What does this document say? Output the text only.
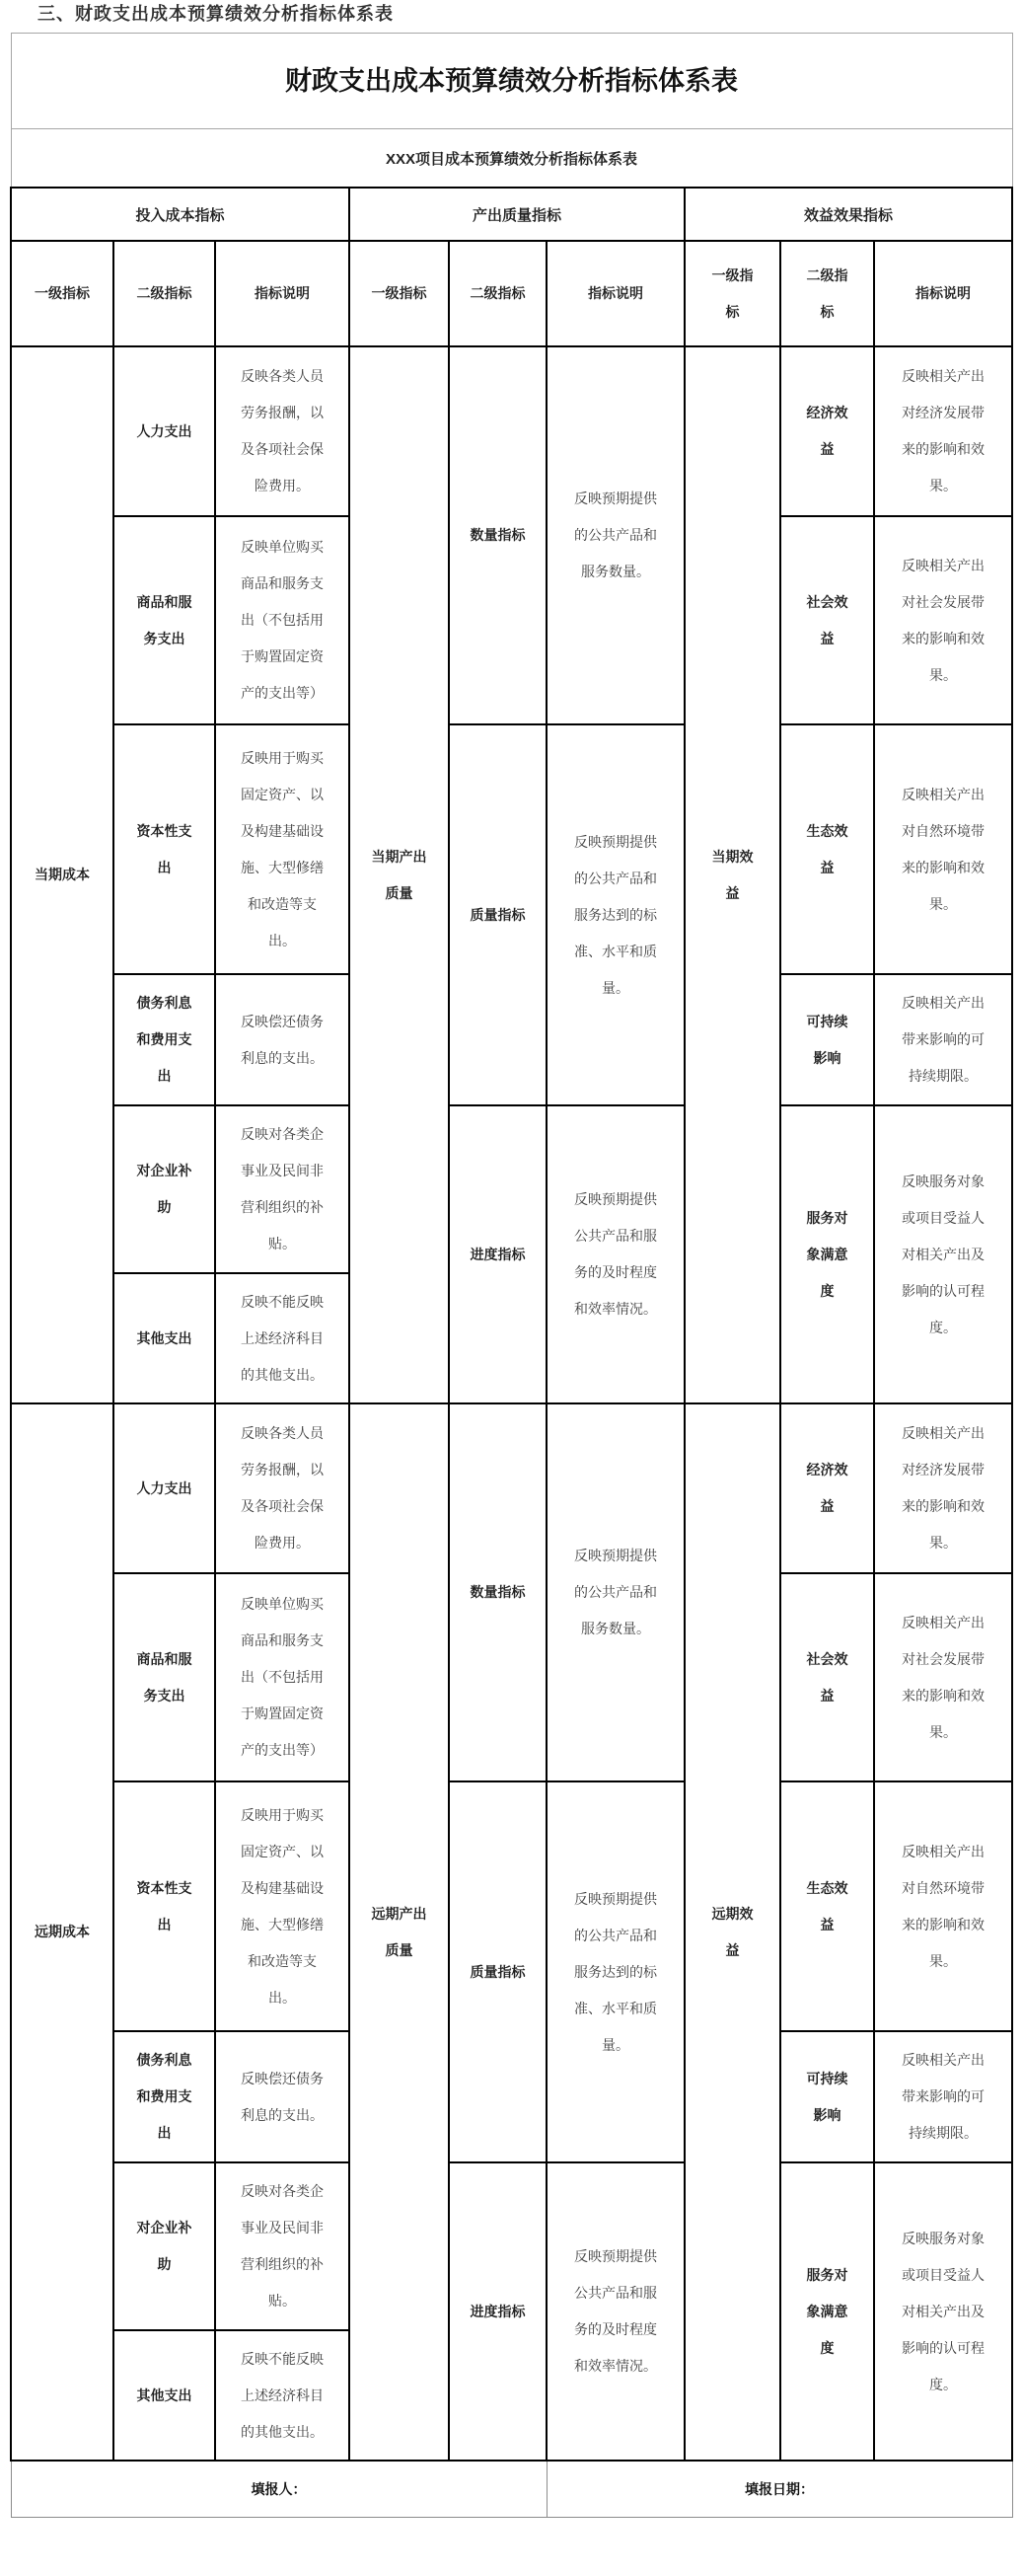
三、财政支出成本预算绩效分析指标体系表
财政支出成本预算绩效分析指标体系表								
XXX项目成本预算绩效分析指标体系表								
投入成本指标			产出质量指标			效益效果指标		
一级指标	二级指标	指标说明	一级指标	二级指标	指标说明	一级指标	二级指标	指标说明
当期成本	人力支出	反映各类人员劳务报酬，以及各项社会保险费用。	当期产出质量	数量指标	反映预期提供的公共产品和服务数量。	当期效益	经济效益	反映相关产出对经济发展带来的影响和效果。
	商品和服务支出	反映单位购买商品和服务支出（不包括用于购置固定资产的支出等）					社会效益	反映相关产出对社会发展带来的影响和效果。
	资本性支出	反映用于购买固定资产、以及构建基础设施、大型修缮和改造等支出。		质量指标	反映预期提供的公共产品和服务达到的标准、水平和质量。		生态效益	反映相关产出对自然环境带来的影响和效果。
	债务利息和费用支出	反映偿还债务利息的支出。					可持续影响	反映相关产出带来影响的可持续期限。
	对企业补助	反映对各类企事业及民间非营利组织的补贴。		进度指标	反映预期提供公共产品和服务的及时程度和效率情况。		服务对象满意度	反映服务对象或项目受益人对相关产出及影响的认可程度。
	其他支出	反映不能反映上述经济科目的其他支出。						
远期成本	人力支出	反映各类人员劳务报酬，以及各项社会保险费用。	远期产出质量	数量指标	反映预期提供的公共产品和服务数量。	远期效益	经济效益	反映相关产出对经济发展带来的影响和效果。
	商品和服务支出	反映单位购买商品和服务支出（不包括用于购置固定资产的支出等）					社会效益	反映相关产出对社会发展带来的影响和效果。
	资本性支出	反映用于购买固定资产、以及构建基础设施、大型修缮和改造等支出。		质量指标	反映预期提供的公共产品和服务达到的标准、水平和质量。		生态效益	反映相关产出对自然环境带来的影响和效果。
	债务利息和费用支出	反映偿还债务利息的支出。					可持续影响	反映相关产出带来影响的可持续期限。
	对企业补助	反映对各类企事业及民间非营利组织的补贴。		进度指标	反映预期提供公共产品和服务的及时程度和效率情况。		服务对象满意度	反映服务对象或项目受益人对相关产出及影响的认可程度。
	其他支出	反映不能反映上述经济科目的其他支出。						
填报人：					填报日期：			
